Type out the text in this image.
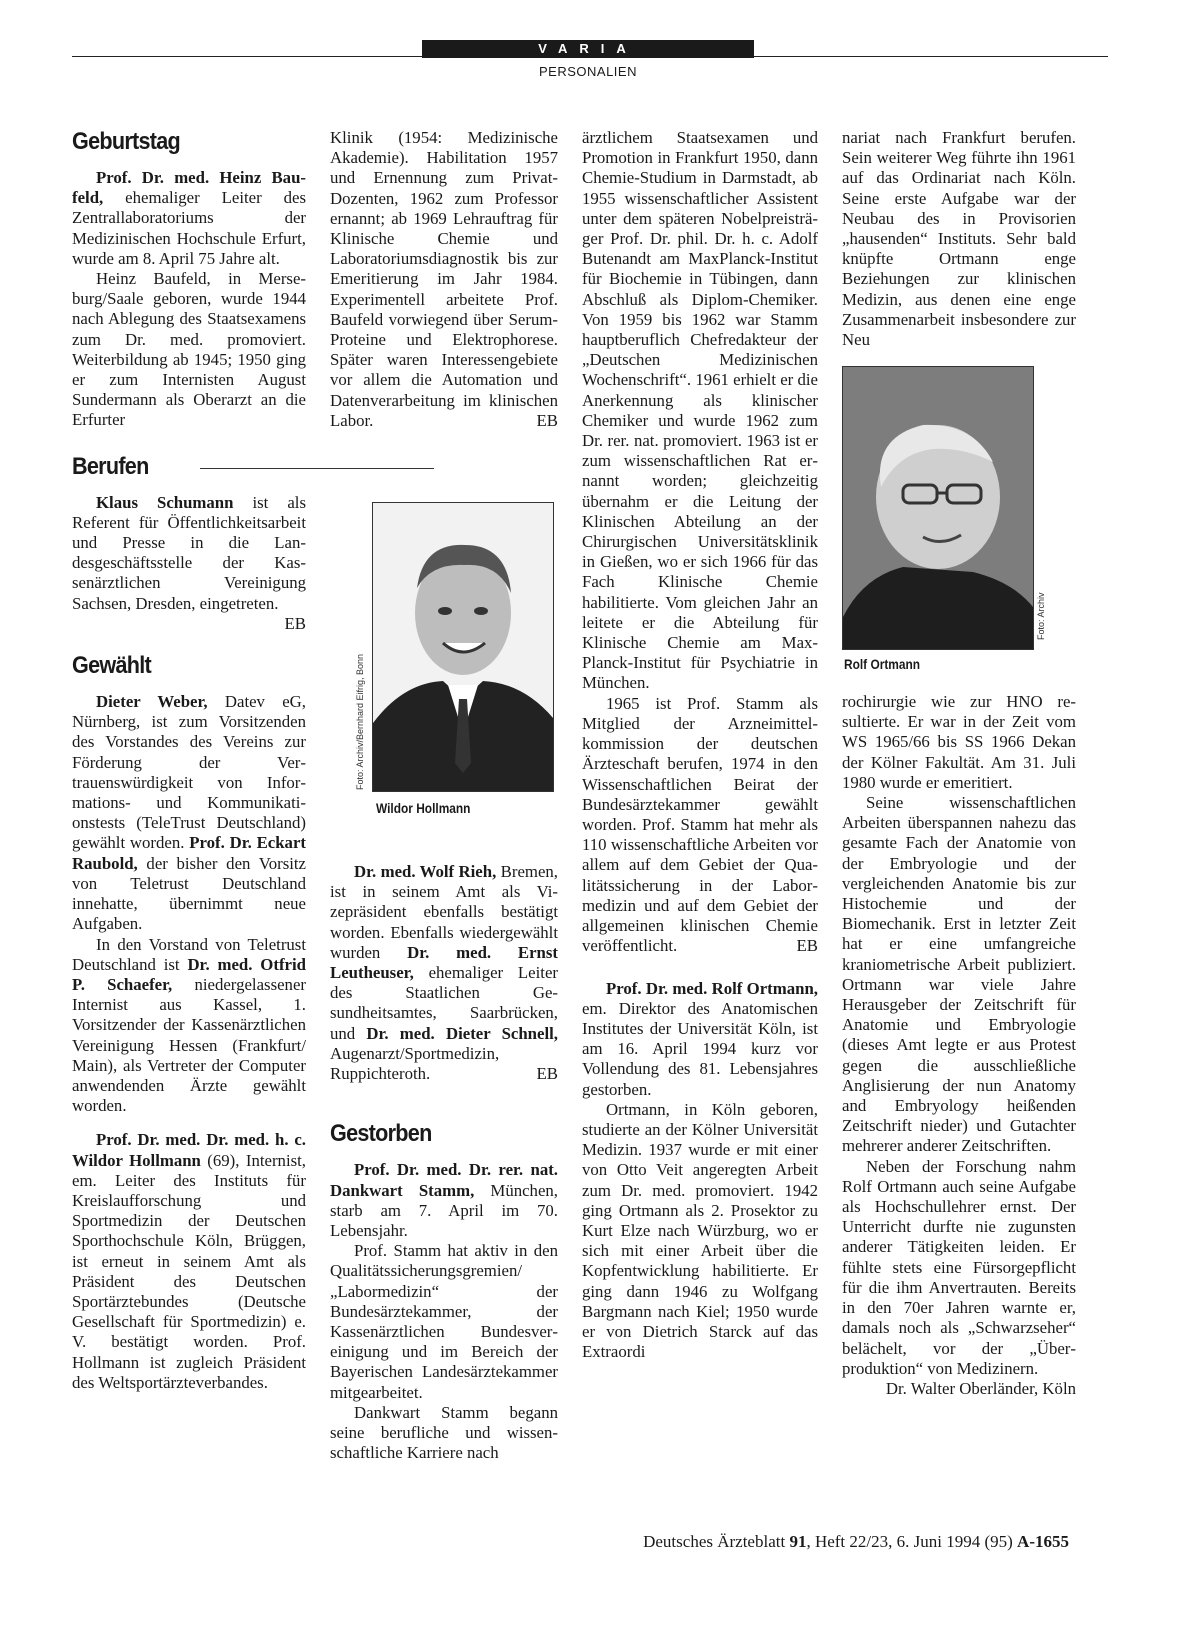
VARIA
PERSONALIEN
Geburtstag

Prof. Dr. med. Heinz Baufeld, ehemaliger Leiter des Zentrallaboratoriums der Medizinischen Hochschule Erfurt, wurde am 8. April 75 Jahre alt.

Heinz Baufeld, in Merseburg/Saale geboren, wurde 1944 nach Ablegung des Staatsexamens zum Dr. med. promoviert. Weiterbildung ab 1945; 1950 ging er zum Internisten August Sundermann als Oberarzt an die Erfurter

Berufen

Klaus Schumann ist als Referent für Öffentlichkeitsarbeit und Presse in die Landesgeschäftsstelle der Kassenärztlichen Vereinigung Sachsen, Dresden, eingetreten.
EB

Gewählt

Dieter Weber, Datev eG, Nürnberg, ist zum Vorsitzenden des Vorstandes des Vereins zur Förderung der Vertrauenswürdigkeit von Informations- und Kommunikationstests (TeleTrust Deutschland) gewählt worden. Prof. Dr. Eckart Raubold, der bisher den Vorsitz von Teletrust Deutschland innehatte, übernimmt neue Aufgaben.

In den Vorstand von Teletrust Deutschland ist Dr. med. Otfrid P. Schaefer, niedergelassener Internist aus Kassel, 1. Vorsitzender der Kassenärztlichen Vereinigung Hessen (Frankfurt/ Main), als Vertreter der Computer anwendenden Ärzte gewählt worden.

Prof. Dr. med. Dr. med. h. c. Wildor Hollmann (69), Internist, em. Leiter des Instituts für Kreislaufforschung und Sportmedizin der Deutschen Sporthochschule Köln, Brüggen, ist erneut in seinem Amt als Präsident des Deutschen Sportärztebundes (Deutsche Gesellschaft für Sportmedizin) e. V. bestätigt worden. Prof. Hollmann ist zugleich Präsident des Weltsportärzteverbandes.

Klinik (1954: Medizinische Akademie). Habilitation 1957 und Ernennung zum PrivatDozenten, 1962 zum Professor ernannt; ab 1969 Lehrauftrag für Klinische Chemie und Laboratoriumsdiagnostik bis zur Emeritierung im Jahr 1984. Experimentell arbeitete Prof. Baufeld vorwiegend über Serum-Proteine und Elektrophorese. Später waren Interessengebiete vor allem die Automation und Datenverarbeitung im klinischen Labor.	EB

Foto: Archiv/Bernhard Eifrig, Bonn
Wildor Hollmann

Dr. med. Wolf Rieh, Bremen, ist in seinem Amt als Vizepräsident ebenfalls bestätigt worden. Ebenfalls wiedergewählt wurden Dr. med. Ernst Leutheuser, ehemaliger Leiter des Staatlichen Gesundheitsamtes, Saarbrücken, und Dr. med. Dieter Schnell, Augenarzt/Sportmedizin, Ruppichteroth.	EB

Gestorben

Prof. Dr. med. Dr. rer. nat. Dankwart Stamm, München, starb am 7. April im 70. Lebensjahr.

Prof. Stamm hat aktiv in den Qualitätssicherungsgremien/„Labormedizin“ der Bundesärztekammer, der Kassenärztlichen Bundesvereinigung und im Bereich der Bayerischen Landesärztekammer mitgearbeitet.

Dankwart Stamm begann seine berufliche und wissenschaftliche Karriere nach

ärztlichem Staatsexamen und Promotion in Frankfurt 1950, dann Chemie-Studium in Darmstadt, ab 1955 wissenschaftlicher Assistent unter dem späteren Nobelpreisträger Prof. Dr. phil. Dr. h. c. Adolf Butenandt am MaxPlanck-Institut für Biochemie in Tübingen, dann Abschluß als Diplom-Chemiker. Von 1959 bis 1962 war Stamm hauptberuflich Chefredakteur der „Deutschen Medizinischen Wochenschrift“. 1961 erhielt er die Anerkennung als klinischer Chemiker und wurde 1962 zum Dr. rer. nat. promoviert. 1963 ist er zum wissenschaftlichen Rat ernannt worden; gleichzeitig übernahm er die Leitung der Klinischen Abteilung an der Chirurgischen Universitätsklinik in Gießen, wo er sich 1966 für das Fach Klinische Chemie habilitierte. Vom gleichen Jahr an leitete er die Abteilung für Klinische Chemie am Max-Planck-Institut für Psychiatrie in München.

1965 ist Prof. Stamm als Mitglied der Arzneimittelkommission der deutschen Ärzteschaft berufen, 1974 in den Wissenschaftlichen Beirat der Bundesärztekammer gewählt worden. Prof. Stamm hat mehr als 110 wissenschaftliche Arbeiten vor allem auf dem Gebiet der Qualitätssicherung in der Labormedizin und auf dem Gebiet der allgemeinen klinischen Chemie veröffentlicht.	EB

Prof. Dr. med. Rolf Ortmann, em. Direktor des Anatomischen Institutes der Universität Köln, ist am 16. April 1994 kurz vor Vollendung des 81. Lebensjahres gestorben.

Ortmann, in Köln geboren, studierte an der Kölner Universität Medizin. 1937 wurde er mit einer von Otto Veit angeregten Arbeit zum Dr. med. promoviert. 1942 ging Ortmann als 2. Prosektor zu Kurt Elze nach Würzburg, wo er sich mit einer Arbeit über die Kopfentwicklung habilitierte. Er ging dann 1946 zu Wolfgang Bargmann nach Kiel; 1950 wurde er von Dietrich Starck auf das Extraordi

nariat nach Frankfurt berufen. Sein weiterer Weg führte ihn 1961 auf das Ordinariat nach Köln. Seine erste Aufgabe war der Neubau des in Provisorien „hausenden“ Instituts. Sehr bald knüpfte Ortmann enge Beziehungen zur klinischen Medizin, aus denen eine enge Zusammenarbeit insbesondere zur Neu

Foto: Archiv
Rolf Ortmann

rochirurgie wie zur HNO resultierte. Er war in der Zeit vom WS 1965/66 bis SS 1966 Dekan der Kölner Fakultät. Am 31. Juli 1980 wurde er emeritiert.

Seine wissenschaftlichen Arbeiten überspannen nahezu das gesamte Fach der Anatomie von der Embryologie und der vergleichenden Anatomie bis zur Histochemie und der Biomechanik. Erst in letzter Zeit hat er eine umfangreiche kraniometrische Arbeit publiziert. Ortmann war viele Jahre Herausgeber der Zeitschrift für Anatomie und Embryologie (dieses Amt legte er aus Protest gegen die ausschließliche Anglisierung der nun Anatomy and Embryology heißenden Zeitschrift nieder) und Gutachter mehrerer anderer Zeitschriften.

Neben der Forschung nahm Rolf Ortmann auch seine Aufgabe als Hochschullehrer ernst. Der Unterricht durfte nie zugunsten anderer Tätigkeiten leiden. Er fühlte stets eine Fürsorgepflicht für die ihm Anvertrauten. Bereits in den 70er Jahren warnte er, damals noch als „Schwarzseher“ belächelt, vor der „Überproduktion“ von Medizinern.

Dr. Walter Oberländer, Köln

Deutsches Ärzteblatt 91, Heft 22/23, 6. Juni 1994 (95) A-1655
